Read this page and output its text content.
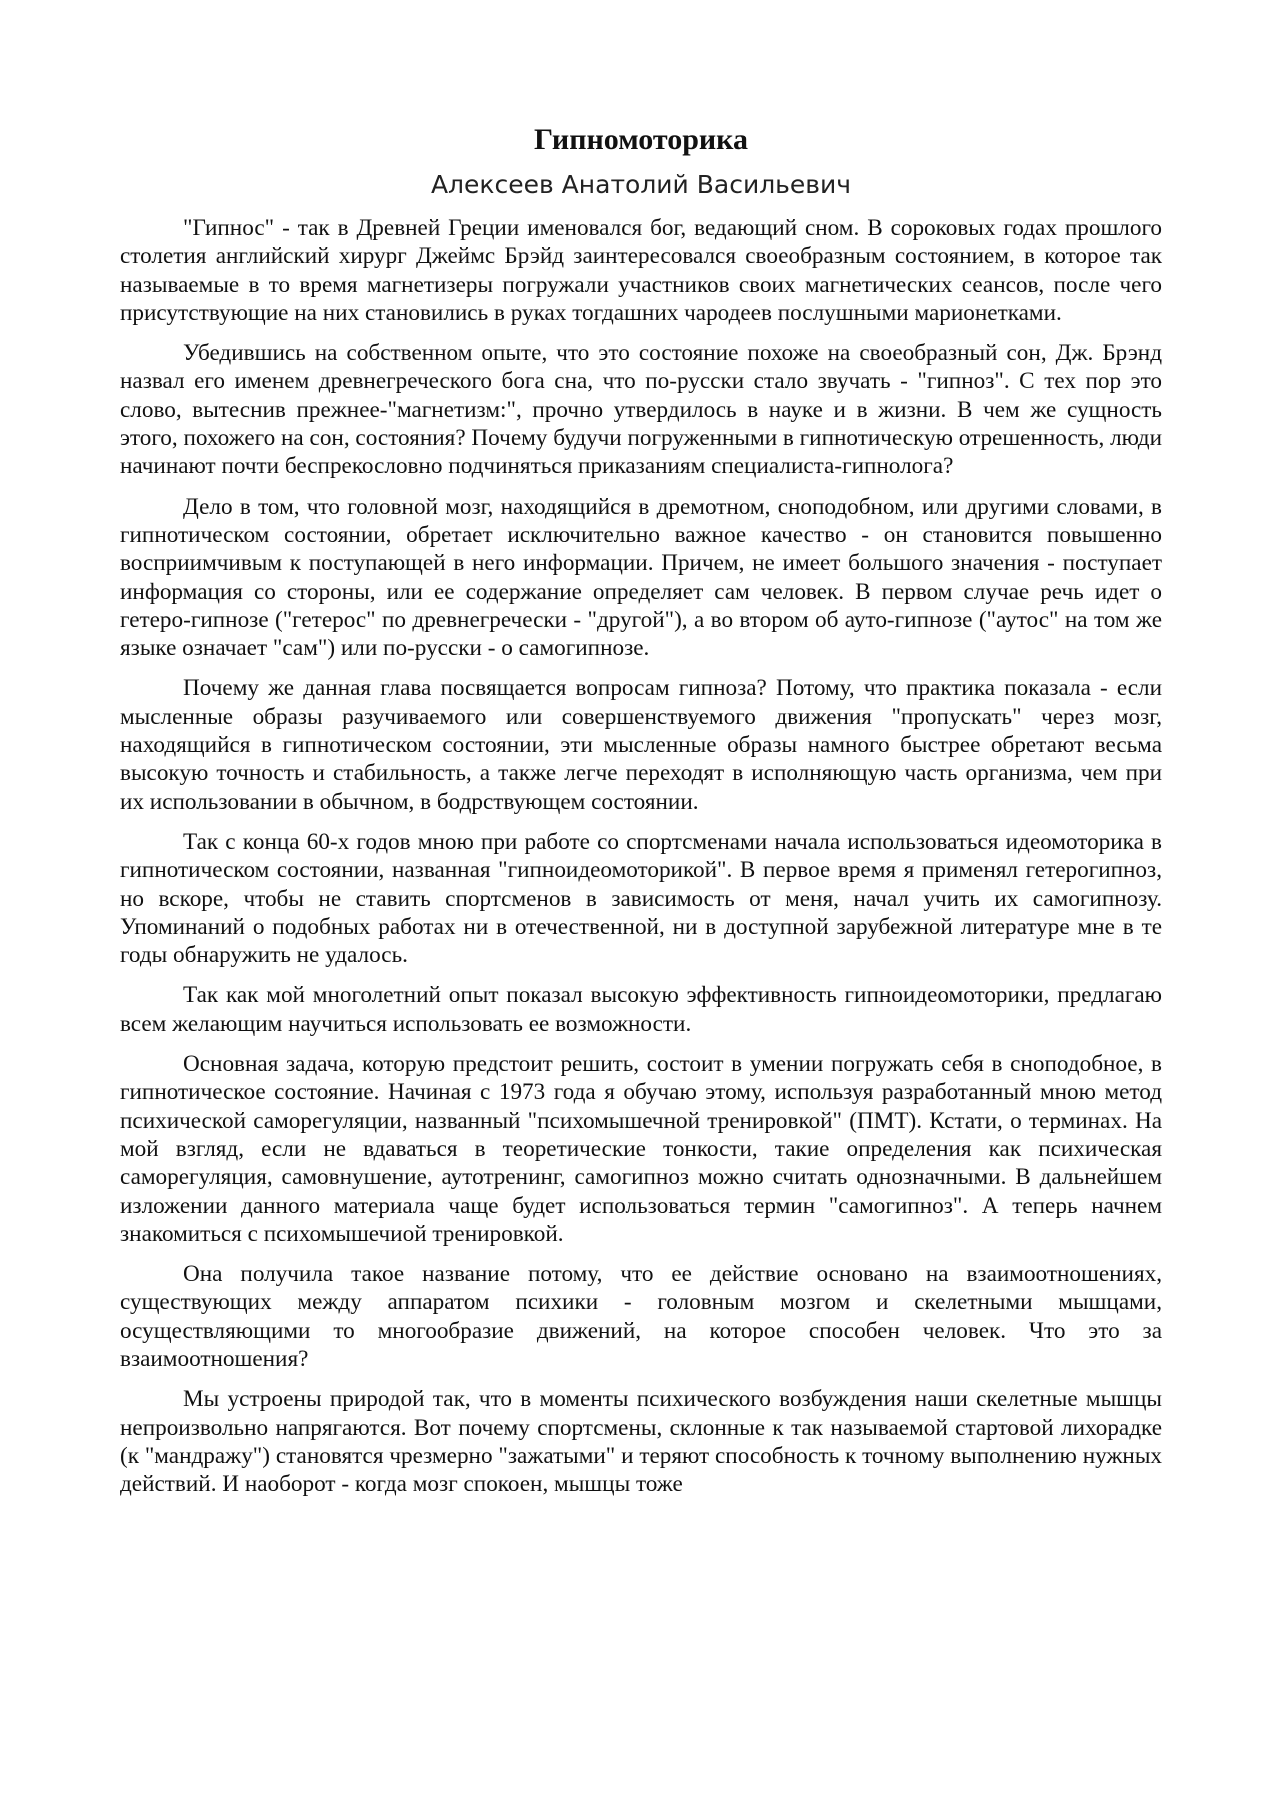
Гипномоторика
Алексеев Анатолий Васильевич

"Гипнос" - так в Древней Греции именовался бог, ведающий сном. В сороковых годах прошлого столетия английский хирург Джеймс Брэйд заинтересовался своеобразным состоянием, в которое так называемые в то время магнетизеры погружали участников своих магнетических сеансов, после чего присутствующие на них становились в руках тогдашних чародеев послушными марионетками.

Убедившись на собственном опыте, что это состояние похоже на своеобразный сон, Дж. Брэнд назвал его именем древнегреческого бога сна, что по-русски стало звучать - "гипноз". С тех пор это слово, вытеснив прежнее-"магнетизм:", прочно утвердилось в науке и в жизни. В чем же сущность этого, похожего на сон, состояния? Почему будучи погруженными в гипнотическую отрешенность, люди начинают почти беспрекословно подчиняться приказаниям специалиста-гипнолога?

Дело в том, что головной мозг, находящийся в дремотном, сноподобном, или другими словами, в гипнотическом состоянии, обретает исключительно важное качество - он становится повышенно восприимчивым к поступающей в него информации. Причем, не имеет большого значения - поступает информация со стороны, или ее содержание определяет сам человек. В первом случае речь идет о гетеро-гипнозе ("гетерос" по древнегречески - "другой"), а во втором об ауто-гипнозе ("аутос" на том же языке означает "сам") или по-русски - о самогипнозе.

Почему же данная глава посвящается вопросам гипноза? Потому, что практика показала - если мысленные образы разучиваемого или совершенствуемого движения "пропускать" через мозг, находящийся в гипнотическом состоянии, эти мысленные образы намного быстрее обретают весьма высокую точность и стабильность, а также легче переходят в исполняющую часть организма, чем при их использовании в обычном, в бодрствующем состоянии.

Так с конца 60-х годов мною при работе со спортсменами начала использоваться идеомоторика в гипнотическом состоянии, названная "гипноидеомоторикой". В первое время я применял гетерогипноз, но вскоре, чтобы не ставить спортсменов в зависимость от меня, начал учить их самогипнозу. Упоминаний о подобных работах ни в отечественной, ни в доступной зарубежной литературе мне в те годы обнаружить не удалось.

Так как мой многолетний опыт показал высокую эффективность гипноидеомоторики, предлагаю всем желающим научиться использовать ее возможности.

Основная задача, которую предстоит решить, состоит в умении погружать себя в сноподобное, в гипнотическое состояние. Начиная с 1973 года я обучаю этому, используя разработанный мною метод психической саморегуляции, названный "психомышечной тренировкой" (ПМТ). Кстати, о терминах. На мой взгляд, если не вдаваться в теоретические тонкости, такие определения как психическая саморегуляция, самовнушение, аутотренинг, самогипноз можно считать однозначными. В дальнейшем изложении данного материала чаще будет использоваться термин "самогипноз". А теперь начнем знакомиться с психомышечиой тренировкой.

Она получила такое название потому, что ее действие основано на взаимоотношениях, существующих между аппаратом психики - головным мозгом и скелетными мышцами, осуществляющими то многообразие движений, на которое способен человек. Что это за взаимоотношения?

Мы устроены природой так, что в моменты психического возбуждения наши скелетные мышцы непроизвольно напрягаются. Вот почему спортсмены, склонные к так называемой стартовой лихорадке (к "мандражу") становятся чрезмерно "зажатыми" и теряют способность к точному выполнению нужных действий. И наоборот - когда мозг спокоен, мышцы тоже
